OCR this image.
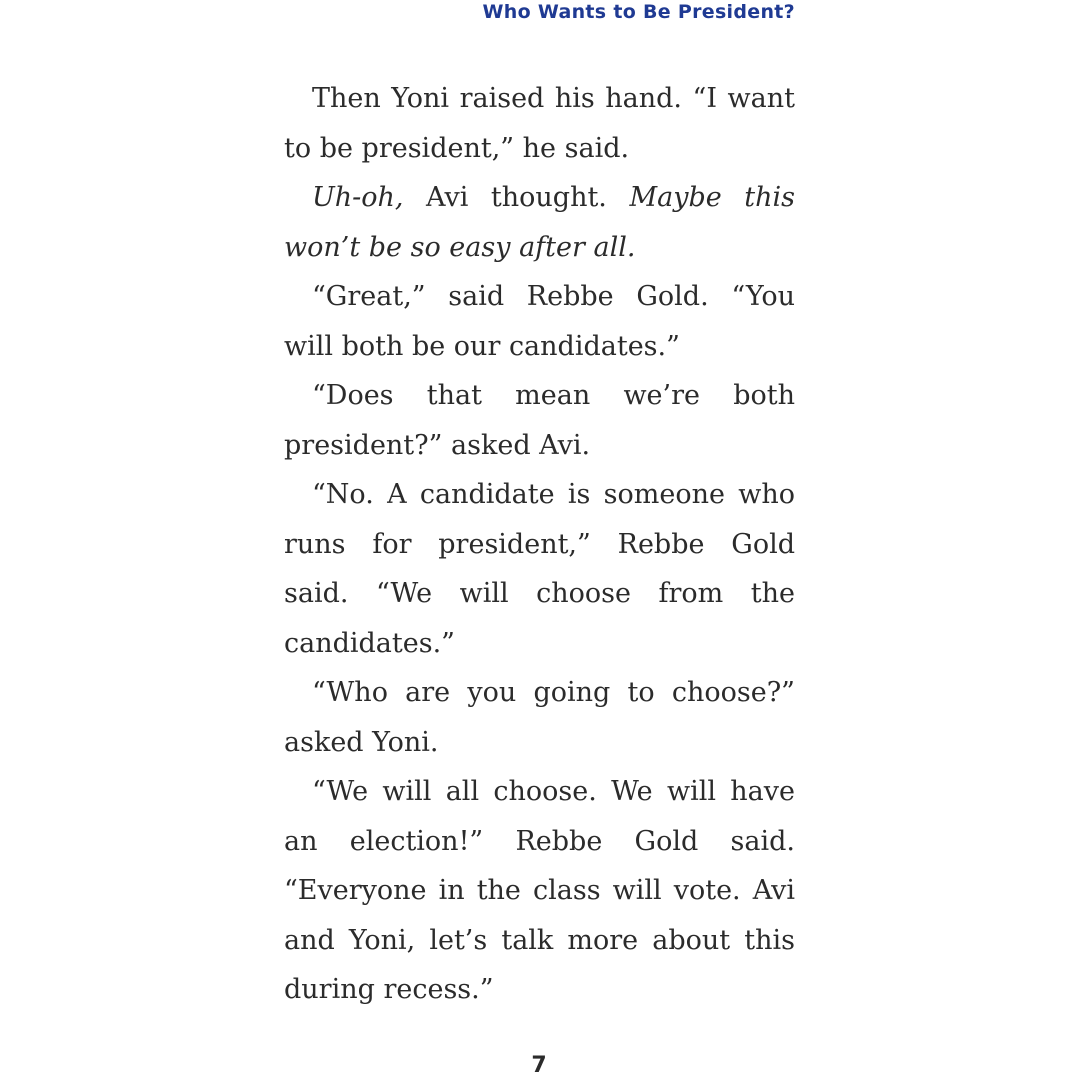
Who Wants to Be President?

Then Yoni raised his hand. “I want to be president,” he said.

Uh-oh, Avi thought. Maybe this won’t be so easy after all.

“Great,” said Rebbe Gold. “You will both be our candidates.”

“Does that mean we’re both president?” asked Avi.

“No. A candidate is someone who runs for president,” Rebbe Gold said. “We will choose from the candidates.”

“Who are you going to choose?” asked Yoni.

“We will all choose. We will have an election!” Rebbe Gold said. “Everyone in the class will vote. Avi and Yoni, let’s talk more about this during recess.”

7
